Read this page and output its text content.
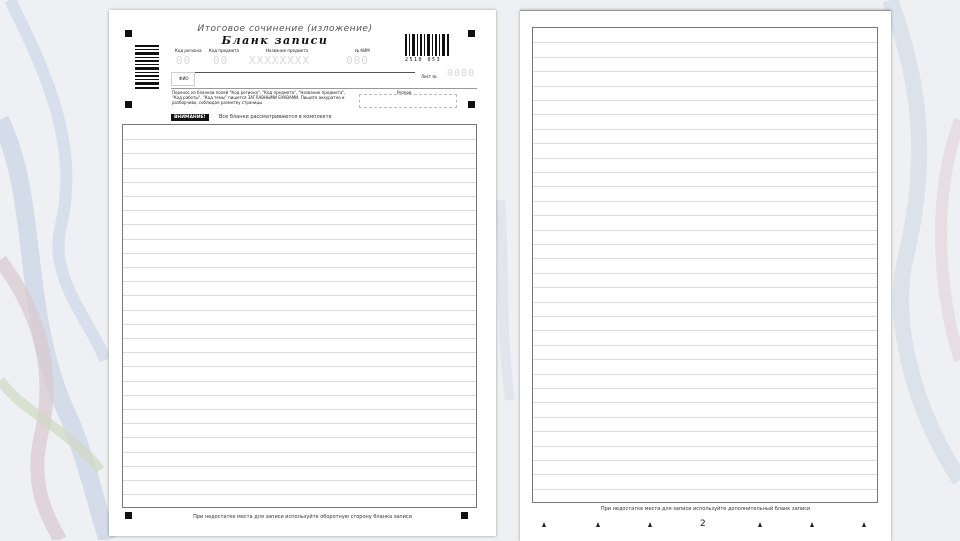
Итоговое сочинение (изложение)
Бланк записи
2510 053
Код региона Код предмета	Название предмета	№ КИМ
00 00 ХХХХХХХХ	000
ФИО	Лист № 0000
Перенос из бланков полей "Код региона", "Код предмета", "Название предмета", "Код работы", "Код темы" пишется ЗАГЛАВНЫМИ БУКВАМИ. Пишите аккуратно и разборчиво, соблюдая разметку страницы
Резерв
ВНИМАНИЕ!	Все бланки рассматриваются в комплекте
При недостатке места для записи используйте оборотную сторону бланка записи
При недостатке места для записи используйте дополнительный бланк записи
2
